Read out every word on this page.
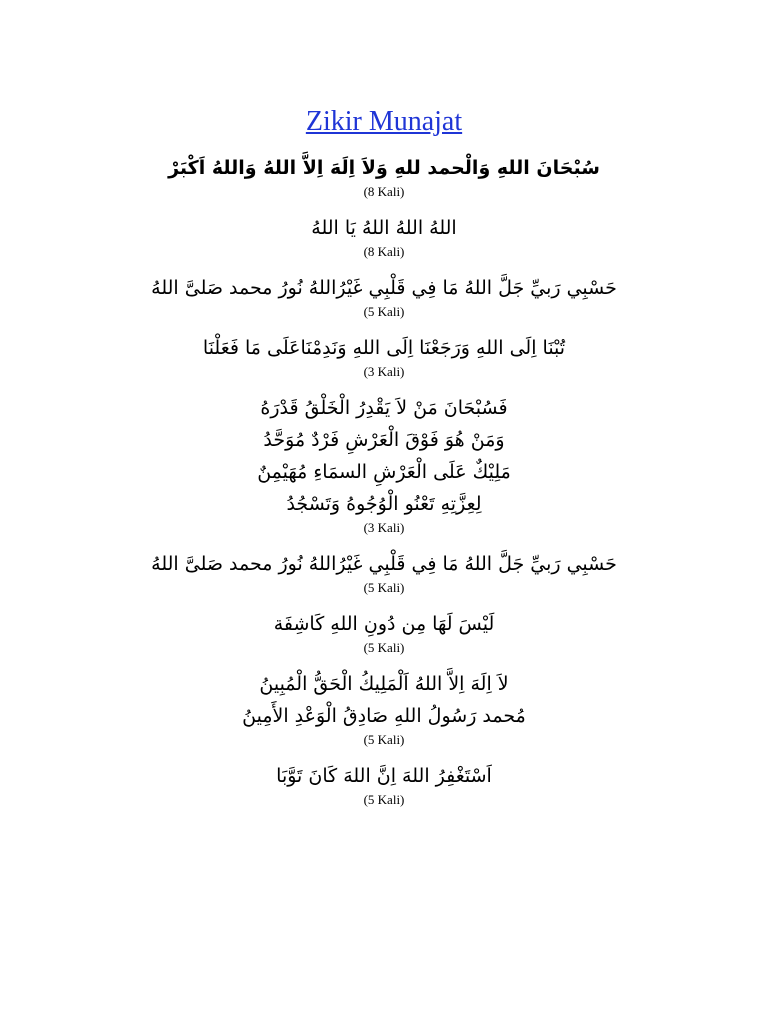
Zikir Munajat

سُبْحَانَ اللهِ وَالْحمد للهِ وَلاَ اِلَهَ اِلاَّ اللهُ وَاللهُ اَكْبَرْ

(8 Kali)

اللهُ اللهُ اللهُ يَا اللهُ

(8 Kali)

حَسْبِي رَبيِّ جَلَّ اللهُ مَا فِي قَلْبِي غَيْرُاللهُ نُورُ محمد صَلىَّ اللهُ

(5 Kali)

تُبْنَا اِلَى اللهِ وَرَجَعْنَا اِلَى اللهِ وَنَدِمْنَاعَلَى مَا فَعَلْنَا

(3 Kali)

فَسُبْحَانَ مَنْ لاَ يَقْدِرُ الْخَلْقُ قَدْرَهُ

وَمَنْ هُوَ فَوْقَ الْعَرْشِ فَرْدٌ مُوَحَّدُ

مَلِيْكٌ عَلَى الْعَرْشِ السمَاءِ مُهَيْمِنٌ

لِعِزَّتِهِ تَعْنُو الْوُجُوهُ وَتَسْجُدُ

(3 Kali)

حَسْبِي رَبيِّ جَلَّ اللهُ مَا فِي قَلْبِي غَيْرُاللهُ نُورُ محمد صَلىَّ اللهُ

(5 Kali)

لَيْسَ لَهَا مِن دُونِ اللهِ كَاشِفَة

(5 Kali)

لاَ اِلَهَ اِلاَّ اللهُ اَلْمَلِيكُ الْحَقُّ الْمُبِينُ

مُحمد رَسُولُ اللهِ صَادِقُ الْوَعْدِ الأَمِينُ

(5 Kali)

اَسْتَغْفِرُ اللهَ اِنَّ اللهَ كَانَ تَوَّبَا

(5 Kali)
